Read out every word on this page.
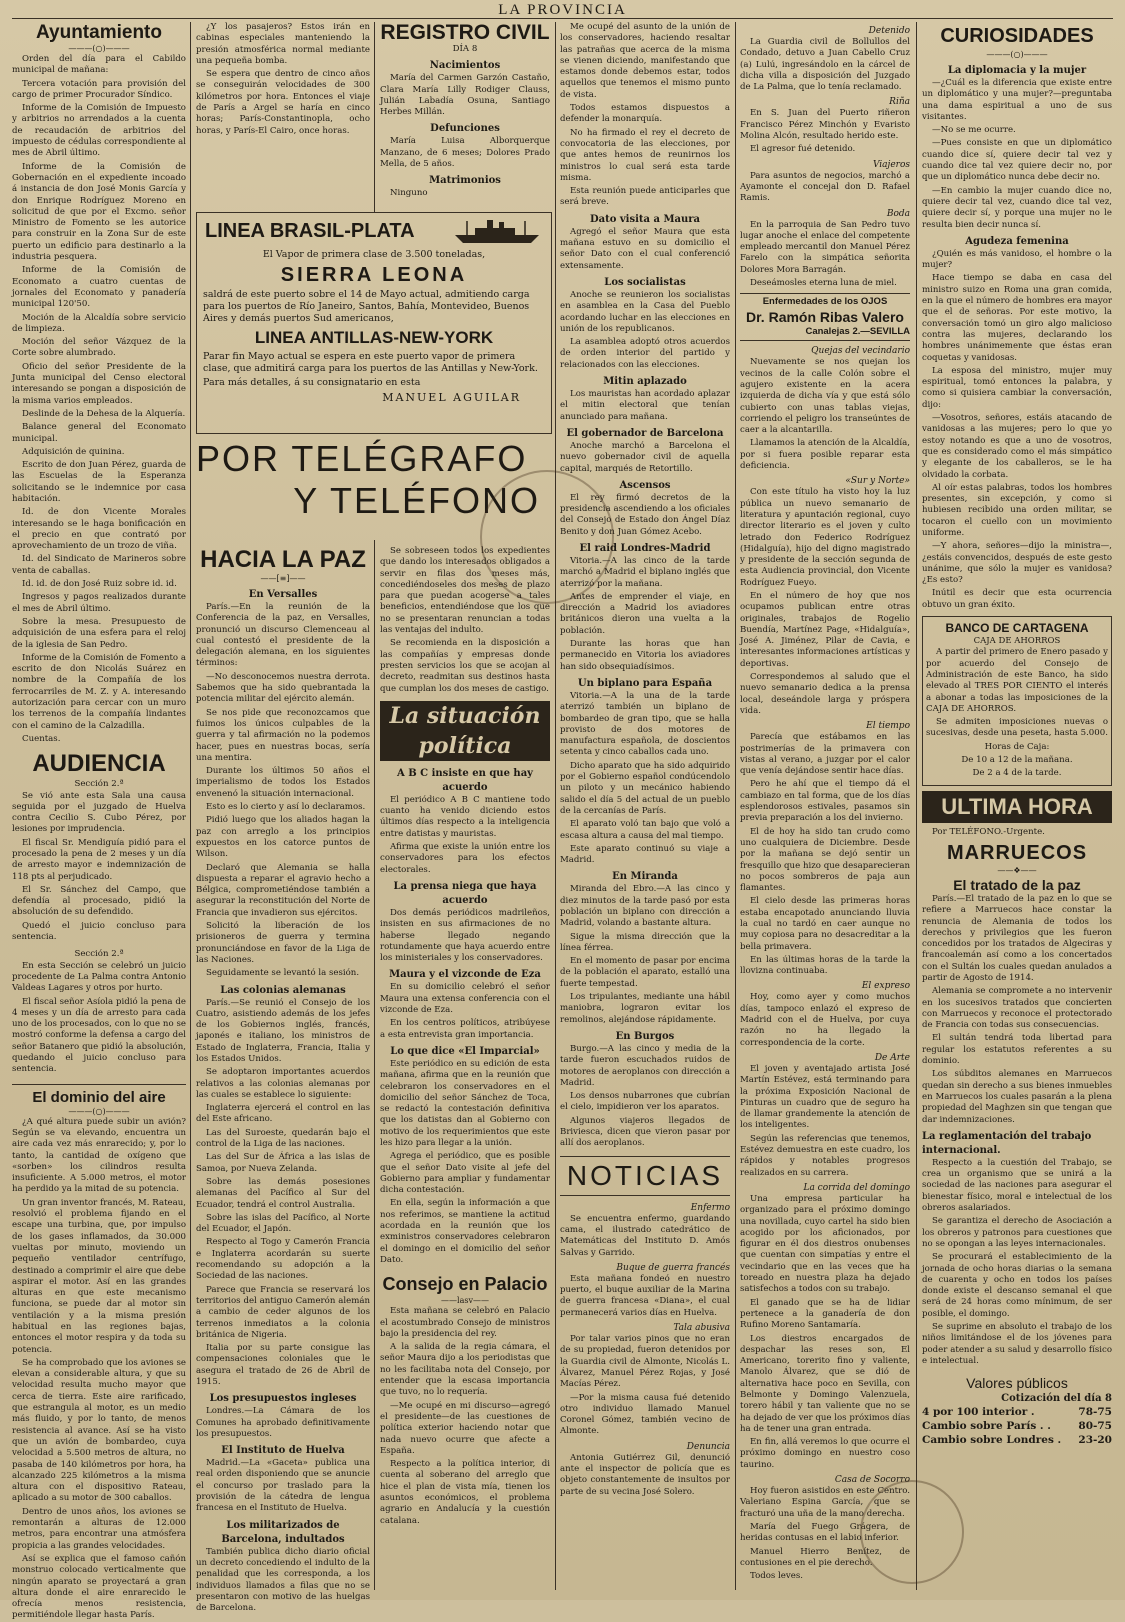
LA PROVINCIA
Ayuntamiento
———(○)———

Orden del día para el Cabildo municipal de mañana:

Tercera votación para provisión del cargo de primer Procurador Síndico.

Informe de la Comisión de Impuesto y arbitrios no arrendados a la cuenta de recaudación de arbitrios del impuesto de cédulas correspondiente al mes de Abril último.

Informe de la Comisión de Gobernación en el expediente incoado á instancia de don José Monis García y don Enrique Rodríguez Moreno en solicitud de que por el Excmo. señor Ministro de Fomento se les autorice para construir en la Zona Sur de este puerto un edificio para destinarlo a la industria pesquera.

Informe de la Comisión de Economato a cuatro cuentas de jornales del Economato y panadería municipal 120'50.

Moción de la Alcaldía sobre servicio de limpieza.

Moción del señor Vázquez de la Corte sobre alumbrado.

Oficio del señor Presidente de la Junta municipal del Censo electoral interesando se pongan a disposición de la misma varios empleados.

Deslinde de la Dehesa de la Alquería.

Balance general del Economato municipal.

Adquisición de quinina.

Escrito de don Juan Pérez, guarda de las Escuelas de la Esperanza solicitando se le indemnice por casa habitación.

Id. de don Vicente Morales interesando se le haga bonificación en el precio en que contrató por aprovechamiento de un trozo de viña.

Id. del Sindicato de Marineros sobre venta de caballas.

Id. id. de don José Ruiz sobre id. id.

Ingresos y pagos realizados durante el mes de Abril último.

Sobre la mesa. Presupuesto de adquisición de una esfera para el reloj de la iglesia de San Pedro.

Informe de la Comisión de Fomento a escrito de don Nicolás Suárez en nombre de la Compañía de los ferrocarriles de M. Z. y A. interesando autorización para cercar con un muro los terrenos de la compañía lindantes con el camino de la Calzadilla.

Cuentas.

AUDIENCIA
Sección 2.ª

Se vió ante esta Sala una causa seguida por el juzgado de Huelva contra Cecilio S. Cubo Pérez, por lesiones por imprudencia.

El fiscal Sr. Mendiguía pidió para el procesado la pena de 2 meses y un día de arresto mayor e indemnización de 118 pts al perjudicado.

El Sr. Sánchez del Campo, que defendía al procesado, pidió la absolución de su defendido.

Quedó el juicio concluso para sentencia.

Sección 2.ª

En esta Sección se celebró un juicio procedente de La Palma contra Antonio Valdeas Lagares y otros por hurto.

El fiscal señor Asíola pidió la pena de 4 meses y un día de arresto para cada uno de los procesados, con lo que no se mostró conforme la defensa a cargo del señor Batanero que pidió la absolución, quedando el juicio concluso para sentencia.

El dominio del aire
———(○)———

¿A qué altura puede subir un avión? Según se va elevando, encuentra un aire cada vez más enrarecido; y, por lo tanto, la cantidad de oxígeno que «sorben» los cilindros resulta insuficiente. A 5.000 metros, el motor ha perdido ya la mitad de su potencia.

Un gran inventor francés, M. Rateau, resolvió el problema fijando en el escape una turbina, que, por impulso de los gases inflamados, da 30.000 vueltas por minuto, moviendo un pequeño ventilador centrífugo, destinado a comprimir el aire que debe aspirar el motor. Así en las grandes alturas en que este mecanismo funciona, se puede dar al motor sin ventilación y a la misma presión habitual en las regiones bajas, entonces el motor respira y da toda su potencia.

Se ha comprobado que los aviones se elevan a considerable altura, y que su velocidad resulta mucho mayor que cerca de tierra. Este aire rarificado, que estrangula al motor, es un medio más fluido, y por lo tanto, de menos resistencia al avance. Así se ha visto que un avión de bombardeo, cuya velocidad a 5.500 metros de altura, no pasaba de 140 kilómetros por hora, ha alcanzado 225 kilómetros a la misma altura con el dispositivo Rateau, aplicado a su motor de 300 caballos.

Dentro de unos años, los aviones se remontarán a alturas de 12.000 metros, para encontrar una atmósfera propicia a las grandes velocidades.

Así se explica que el famoso cañón monstruo colocado verticalmente que ningún aparato se proyectará a gran altura donde el aire enrarecido le ofrecía menos resistencia, permitiéndole llegar hasta París.

¿Y los pasajeros? Estos irán en cabinas especiales manteniendo la presión atmosférica normal mediante una pequeña bomba.

Se espera que dentro de cinco años se conseguirán velocidades de 300 kilómetros por hora. Entonces el viaje de París a Argel se haría en cinco horas; París-Constantinopla, ocho horas, y París-El Cairo, once horas.

REGISTRO CIVIL
DÍA 8
Nacimientos

María del Carmen Garzón Castaño, Clara María Lilly Rodiger Clauss, Julián Labadía Osuna, Santiago Herbes Millán.

Defunciones

María Luisa Alborquerque Manzano, de 6 meses; Dolores Prado Mella, de 5 años.

Matrimonios

Ninguno

LINEA BRASIL-PLATA

El Vapor de primera clase de 3.500 toneladas,

SIERRA LEONA

saldrá de este puerto sobre el 14 de Mayo actual, admitiendo carga para los puertos de Río Janeiro, Santos, Bahía, Montevideo, Buenos Aires y demás puertos Sud americanos,

LINEA ANTILLAS-NEW-YORK

Parar fin Mayo actual se espera en este puerto vapor de primera clase, que admitirá carga para los puertos de las Antillas y New-York.

Para más detalles, á su consignatario en esta

MANUEL AGUILAR
POR TELÉGRAFO
Y TELÉFONO
HACIA LA PAZ
——[≡]——
En Versalles

París.—En la reunión de la Conferencia de la paz, en Versalles, pronunció un discurso Clemenceau al cual contestó el presidente de la delegación alemana, en los siguientes términos:

—No desconocemos nuestra derrota. Sabemos que ha sido quebrantada la potencia militar del ejército alemán.

Se nos pide que reconozcamos que fuimos los únicos culpables de la guerra y tal afirmación no la podemos hacer, pues en nuestras bocas, sería una mentira.

Durante los últimos 50 años el imperialismo de todos los Estados envenenó la situación internacional.

Esto es lo cierto y así lo declaramos.

Pidió luego que los aliados hagan la paz con arreglo a los principios expuestos en los catorce puntos de Wilson.

Declaró que Alemania se halla dispuesta a reparar el agravio hecho a Bélgica, comprometiéndose también a asegurar la reconstitución del Norte de Francia que invadieron sus ejércitos.

Solicitó la liberación de los prisioneros de guerra y termina pronunciándose en favor de la Liga de las Naciones.

Seguidamente se levantó la sesión.

Las colonias alemanas

París.—Se reunió el Consejo de los Cuatro, asistiendo además de los jefes de los Gobiernos inglés, francés, japonés e italiano, los ministros de Estado de Inglaterra, Francia, Italia y los Estados Unidos.

Se adoptaron importantes acuerdos relativos a las colonias alemanas por las cuales se establece lo siguiente:

Inglaterra ejercerá el control en las del Este africano.

Las del Suroeste, quedarán bajo el control de la Liga de las naciones.

Las del Sur de África a las islas de Samoa, por Nueva Zelanda.

Sobre las demás posesiones alemanas del Pacífico al Sur del Ecuador, tendrá el control Australia.

Sobre las islas del Pacífico, al Norte del Ecuador, el Japón.

Respecto al Togo y Camerón Francia e Inglaterra acordarán su suerte recomendando su adopción a la Sociedad de las naciones.

Parece que Francia se reservará los territorios del antiguo Camerón alemán a cambio de ceder algunos de los terrenos inmediatos a la colonia británica de Nigeria.

Italia por su parte consigue las compensaciones coloniales que le asegura el tratado de 26 de Abril de 1915.

Los presupuestos ingleses

Londres.—La Cámara de los Comunes ha aprobado definitivamente los presupuestos.

El Instituto de Huelva

Madrid.—La «Gaceta» publica una real orden disponiendo que se anuncie el concurso por traslado para la provisión de la cátedra de lengua francesa en el Instituto de Huelva.

Los militarizados de Barcelona, indultados

También publica dicho diario oficial un decreto concediendo el indulto de la penalidad que les corresponda, a los individuos llamados a filas que no se presentaron con motivo de las huelgas de Barcelona.

Se sobreseen todos los expedientes que dando los interesados obligados a servir en filas dos meses más, concediéndoseles dos meses de plazo para que puedan acogerse a tales beneficios, entendiéndose que los que no se presentaran renuncian a todas las ventajas del indulto.

Se recomienda en la disposición a las compañías y empresas donde presten servicios los que se acojan al decreto, readmitan sus destinos hasta que cumplan los dos meses de castigo.

La situación política
A B C insiste en que hay acuerdo

El periódico A B C mantiene todo cuanto ha venido diciendo estos últimos días respecto a la inteligencia entre datistas y mauristas.

Afirma que existe la unión entre los conservadores para los efectos electorales.

La prensa niega que haya acuerdo

Dos demás periódicos madrileños, insisten en sus afirmaciones de no haberse llegado negando rotundamente que haya acuerdo entre los ministeriales y los conservadores.

Maura y el vizconde de Eza

En su domicilio celebró el señor Maura una extensa conferencia con el vizconde de Eza.

En los centros políticos, atribúyese a esta entrevista gran importancia.

Lo que dice «El Imparcial»

Este periódico en su edición de esta mañana, afirma que en la reunión que celebraron los conservadores en el domicilio del señor Sánchez de Toca, se redactó la contestación definitiva que los datistas dan al Gobierno con motivo de los requerimientos que este les hizo para llegar a la unión.

Agrega el periódico, que es posible que el señor Dato visite al jefe del Gobierno para ampliar y fundamentar dicha contestación.

En ella, según la información a que nos referimos, se mantiene la actitud acordada en la reunión que los exministros conservadores celebraron el domingo en el domicilio del señor Dato.

Consejo en Palacio
——lasv——

Esta mañana se celebró en Palacio el acostumbrado Consejo de ministros bajo la presidencia del rey.

A la salida de la regia cámara, el señor Maura dijo a los periodistas que no les facilitaba nota del Consejo, por entender que la escasa importancia que tuvo, no lo requería.

—Me ocupé en mi discurso—agregó el presidente—de las cuestiones de política exterior haciendo notar que nada nuevo ocurre que afecte a España.

Respecto a la política interior, di cuenta al soberano del arreglo que hice el plan de vista mía, tienen los asuntos económicos, el problema agrario en Andalucía y la cuestión catalana.

Me ocupé del asunto de la unión de los conservadores, haciendo resaltar las patrañas que acerca de la misma se vienen diciendo, manifestando que estamos donde debemos estar, todos aquellos que tenemos el mismo punto de vista.

Todos estamos dispuestos a defender la monarquía.

No ha firmado el rey el decreto de convocatoria de las elecciones, por que antes hemos de reunirnos los ministros lo cual será esta tarde misma.

Esta reunión puede anticiparles que será breve.

Dato visita a Maura

Agregó el señor Maura que esta mañana estuvo en su domicilio el señor Dato con el cual conferenció extensamente.

Los socialistas

Anoche se reunieron los socialistas en asamblea en la Casa del Pueblo acordando luchar en las elecciones en unión de los republicanos.

La asamblea adoptó otros acuerdos de orden interior del partido y relacionados con las elecciones.

Mitin aplazado

Los mauristas han acordado aplazar el mitin electoral que tenían anunciado para mañana.

El gobernador de Barcelona

Anoche marchó a Barcelona el nuevo gobernador civil de aquella capital, marqués de Retortillo.

Ascensos

El rey firmó decretos de la presidencia ascendiendo a los oficiales del Consejo de Estado don Ángel Díaz Benito y don Juan Gómez Acebo.

El raid Londres-Madrid

Vitoria.—A las cinco de la tarde marchó a Madrid el biplano inglés que aterrizó por la mañana.

Antes de emprender el viaje, en dirección a Madrid los aviadores británicos dieron una vuelta a la población.

Durante las horas que han permanecido en Vitoria los aviadores han sido obsequiadísimos.

Un biplano para España

Vitoria.—A la una de la tarde aterrizó también un biplano de bombardeo de gran tipo, que se halla provisto de dos motores de manufactura española, de doscientos setenta y cinco caballos cada uno.

Dicho aparato que ha sido adquirido por el Gobierno español condúcendolo un piloto y un mecánico habiendo salido el día 5 del actual de un pueblo de la cercanías de París.

El aparato voló tan bajo que voló a escasa altura a causa del mal tiempo.

Este aparato continuó su viaje a Madrid.

En Miranda

Miranda del Ebro.—A las cinco y diez minutos de la tarde pasó por esta población un biplano con dirección a Madrid, volando a bastante altura.

Sigue la misma dirección que la línea férrea.

En el momento de pasar por encima de la población el aparato, estalló una fuerte tempestad.

Los tripulantes, mediante una hábil maniobra, lograron evitar los remolinos, alejándose rápidamente.

En Burgos

Burgo.—A las cinco y media de la tarde fueron escuchados ruidos de motores de aeroplanos con dirección a Madrid.

Los densos nubarrones que cubrían el cielo, impidieron ver los aparatos.

Algunos viajeros llegados de Briviesca, dicen que vieron pasar por allí dos aeroplanos.

NOTICIAS
Enfermo

Se encuentra enfermo, guardando cama, el ilustrado catedrático de Matemáticas del Instituto D. Amós Salvas y Garrido.

Buque de guerra francés

Esta mañana fondeó en nuestro puerto, el buque auxiliar de la Marina de guerra francesa «Diana», el cual permanecerá varios días en Huelva.

Tala abusiva

Por talar varios pinos que no eran de su propiedad, fueron detenidos por la Guardia civil de Almonte, Nicolás L. Álvarez, Manuel Pérez Rojas, y José Macías Pérez.

—Por la misma causa fué detenido otro individuo llamado Manuel Coronel Gómez, también vecino de Almonte.

Denuncia

Antonia Gutiérrez Gil, denunció ante el inspector de policía que es objeto constantemente de insultos por parte de su vecina José Solero.

Detenido

La Guardia civil de Bollullos del Condado, detuvo a Juan Cabello Cruz (a) Lulú, ingresándolo en la cárcel de dicha villa a disposición del Juzgado de La Palma, que lo tenía reclamado.

Riña

En S. Juan del Puerto riñeron Francisco Pérez Minchón y Evaristo Molina Alcón, resultado herido este.

El agresor fué detenido.

Viajeros

Para asuntos de negocios, marchó a Ayamonte el concejal don D. Rafael Ramis.

Boda

En la parroquia de San Pedro tuvo lugar anoche el enlace del competente empleado mercantil don Manuel Pérez Farelo con la simpática señorita Dolores Mora Barragán.

Deseámosles eterna luna de miel.

Enfermedades de los OJOS
Dr. Ramón Ribas Valero
Canalejas 2.—SEVILLA
Quejas del vecindario

Nuevamente se nos quejan los vecinos de la calle Colón sobre el agujero existente en la acera izquierda de dicha vía y que está sólo cubierto con unas tablas viejas, corriendo el peligro los transeúntes de caer a la alcantarilla.

Llamamos la atención de la Alcaldía, por si fuera posible reparar esta deficiencia.

«Sur y Norte»

Con este título ha visto hoy la luz pública un nuevo semanario de literatura y apuntación regional, cuyo director literario es el joven y culto letrado don Federico Rodríguez (Hidalguía), hijo del digno magistrado y presidente de la sección segunda de esta Audiencia provincial, don Vicente Rodríguez Fueyo.

En el número de hoy que nos ocupamos publican entre otras originales, trabajos de Rogelio Buendía, Martínez Page, «Hidalguía», José A. Jiménez, Pilar de Cavia, e interesantes informaciones artísticas y deportivas.

Correspondemos al saludo que el nuevo semanario dedica a la prensa local, deseándole larga y próspera vida.

El tiempo

Parecía que estábamos en las postrimerías de la primavera con vistas al verano, a juzgar por el calor que venía dejándose sentir hace días.

Pero he ahí que el tiempo dá el cambiazo en tal forma, que de los días esplendorosos estivales, pasamos sin previa preparación a los del invierno.

El de hoy ha sido tan crudo como uno cualquiera de Diciembre. Desde por la mañana se dejó sentir un fresquillo que hizo que desaparecieran no pocos sombreros de paja aun flamantes.

El cielo desde las primeras horas estaba encapotado anunciando lluvia la cual no tardó en caer aunque no muy copiosa para no desacreditar a la bella primavera.

En las últimas horas de la tarde la llovizna continuaba.

El expreso

Hoy, como ayer y como muchos días, tampoco enlazó el expreso de Madrid con el de Huelva, por cuya razón no ha llegado la correspondencia de la corte.

De Arte

El joven y aventajado artista José Martín Estévez, está terminando para la próxima Exposición Nacional de Pinturas un cuadro que de seguro ha de llamar grandemente la atención de los inteligentes.

Según las referencias que tenemos, Estévez demuestra en este cuadro, los rápidos y notables progresos realizados en su carrera.

La corrida del domingo

Una empresa particular ha organizado para el próximo domingo una novillada, cuyo cartel ha sido bien acogido por los aficionados, por figurar en él dos diestros onubenses que cuentan con simpatías y entre el vecindario que en las veces que ha toreado en nuestra plaza ha dejado satisfechos a todos con su trabajo.

El ganado que se ha de lidiar pertenece a la ganadería de don Rufino Moreno Santamaría.

Los diestros encargados de despachar las reses son, El Americano, torerito fino y valiente, Manolo Álvarez, que se dió de alternativa hace poco en Sevilla, con Belmonte y Domingo Valenzuela, torero hábil y tan valiente que no se ha dejado de ver que los próximos días ha de tener una gran entrada.

En fin, allá veremos lo que ocurre el próximo domingo en nuestro coso taurino.

Casa de Socorro

Hoy fueron asistidos en este Centro. Valeriano Espina García, que se fracturó una uña de la mano derecha.

María del Fuego Grágera, de heridas contusas en el labio inferior.

Manuel Hierro Benítez, de contusiones en el pie derecho.

Todos leves.

CURIOSIDADES
———(○)———
La diplomacia y la mujer

—¿Cuál es la diferencia que existe entre un diplomático y una mujer?—preguntaba una dama espiritual a uno de sus visitantes.

—No se me ocurre.

—Pues consiste en que un diplomático cuando dice sí, quiere decir tal vez y cuando dice tal vez quiere decir no, por que un diplomático nunca debe decir no.

—En cambio la mujer cuando dice no, quiere decir tal vez, cuando dice tal vez, quiere decir sí, y porque una mujer no le resulta bien decir nunca sí.

Agudeza femenina

¿Quién es más vanidoso, el hombre o la mujer?

Hace tiempo se daba en casa del ministro suizo en Roma una gran comida, en la que el número de hombres era mayor que el de señoras. Por este motivo, la conversación tomó un giro algo malicioso contra las mujeres, declarando los hombres unánimemente que éstas eran coquetas y vanidosas.

La esposa del ministro, mujer muy espiritual, tomó entonces la palabra, y como si quisiera cambiar la conversación, dijo:

—Vosotros, señores, estáis atacando de vanidosas a las mujeres; pero lo que yo estoy notando es que a uno de vosotros, que es considerado como el más simpático y elegante de los caballeros, se le ha olvidado la corbata.

Al oír estas palabras, todos los hombres presentes, sin excepción, y como si hubiesen recibido una orden militar, se tocaron el cuello con un movimiento uniforme.

—Y ahora, señores—dijo la ministra—, ¿estáis convencidos, después de este gesto unánime, que sólo la mujer es vanidosa? ¿Es esto?

Inútil es decir que esta ocurrencia obtuvo un gran éxito.

BANCO DE CARTAGENA
CAJA DE AHORROS

A partir del primero de Enero pasado y por acuerdo del Consejo de Administración de este Banco, ha sido elevado al TRES POR CIENTO el interés a abonar a todas las imposiciones de la CAJA DE AHORROS.

Se admiten imposiciones nuevas o sucesivas, desde una peseta, hasta 5.000.

Horas de Caja:

De 10 a 12 de la mañana.

De 2 a 4 de la tarde.

ULTIMA HORA

Por TELÉFONO.-Urgente.

MARRUECOS
——❖——
El tratado de la paz

París.—El tratado de la paz en lo que se refiere a Marruecos hace constar la renuncia de Alemania de todos los derechos y privilegios que les fueron concedidos por los tratados de Algeciras y francoalemán así como a los concertados con el Sultán los cuales quedan anulados a partir de Agosto de 1914.

Alemania se compromete a no intervenir en los sucesivos tratados que concierten con Marruecos y reconoce el protectorado de Francia con todas sus consecuencias.

El sultán tendrá toda libertad para regular los estatutos referentes a su dominio.

Los súbditos alemanes en Marruecos quedan sin derecho a sus bienes inmuebles en Marruecos los cuales pasarán a la plena propiedad del Maghzen sin que tengan que dar indemnizaciones.

La reglamentación del trabajo internacional.

Respecto a la cuestión del Trabajo, se crea un organismo que se unirá a la sociedad de las naciones para asegurar el bienestar físico, moral e intelectual de los obreros asalariados.

Se garantiza el derecho de Asociación a los obreros y patronos para cuestiones que no se opongan a las leyes internacionales.

Se procurará el establecimiento de la jornada de ocho horas diarias o la semana de cuarenta y ocho en todos los países donde existe el descanso semanal el que será de 24 horas como mínimum, de ser posible, el domingo.

Se suprime en absoluto el trabajo de los niños limitándose el de los jóvenes para poder atender a su salud y desarrollo físico e intelectual.

Valores públicos
Cotización del día 8
4 por 100 interior .	78-75
Cambio sobre París . .	80-75
Cambio sobre Londres .	23-20
